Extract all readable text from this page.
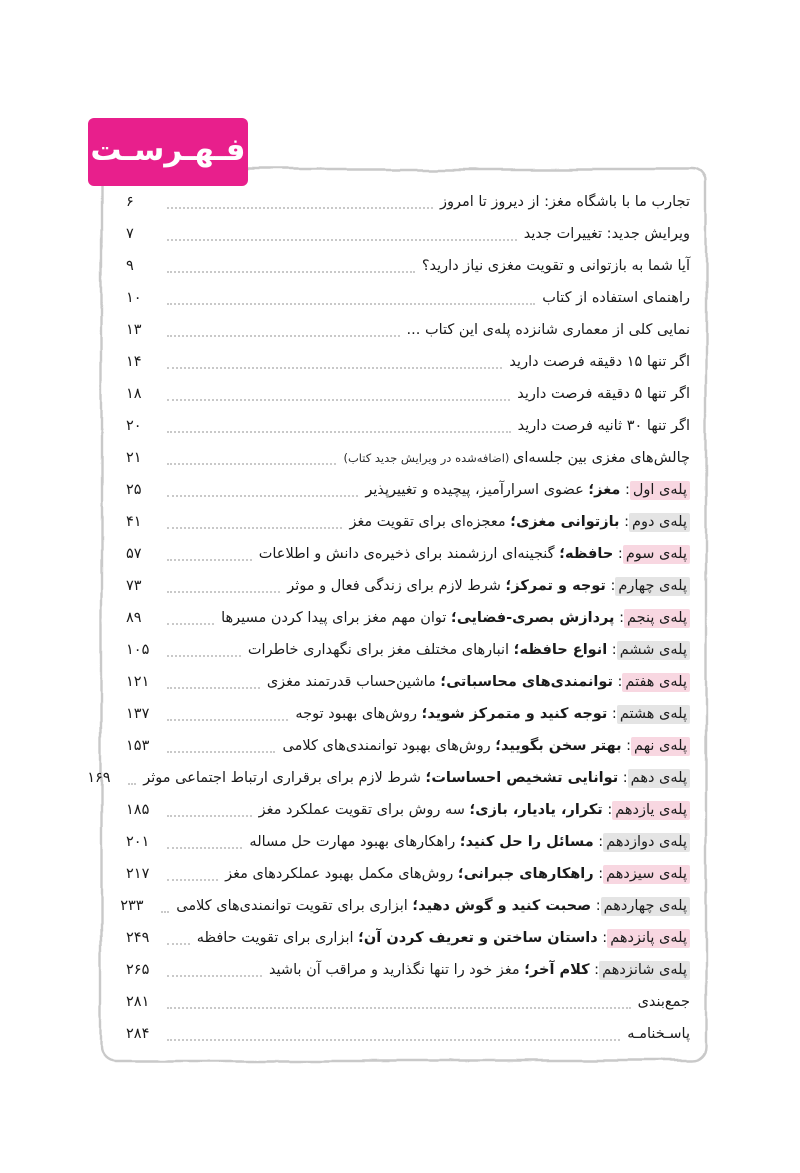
فـهـرسـت
تجارب ما با باشگاه مغز: از دیروز تا امروز
۶
ویرایش جدید: تغییرات جدید
۷
آیا شما به بازتوانی و تقویت مغزی نیاز دارید؟
۹
راهنمای استفاده از کتاب
۱۰
نمایی کلی از معماری شانزده پله‌ی این کتاب ...
۱۳
اگر تنها ۱۵ دقیقه فرصت دارید
۱۴
اگر تنها ۵ دقیقه فرصت دارید
۱۸
اگر تنها ۳۰ ثانیه فرصت دارید
۲۰
چالش‌های مغزی بین جلسه‌ای (اضافه‌شده در ویرایش جدید کتاب)
۲۱
پله‌ی اول: مغز؛ عضوی اسرارآمیز، پیچیده و تغییرپذیر
۲۵
پله‌ی دوم: بازتوانی مغزی؛ معجزه‌ای برای تقویت مغز
۴۱
پله‌ی سوم: حافظه؛ گنجینه‌ای ارزشمند برای ذخیره‌ی دانش و اطلاعات
۵۷
پله‌ی چهارم: توجه و تمرکز؛ شرط لازم برای زندگی فعال و موثر
۷۳
پله‌ی پنجم: پردازش بصری-فضایی؛ توان مهم مغز برای پیدا کردن مسیرها
۸۹
پله‌ی ششم: انواع حافظه؛ انبارهای مختلف مغز برای نگهداری خاطرات
۱۰۵
پله‌ی هفتم: توانمندی‌های محاسباتی؛ ماشین‌حساب قدرتمند مغزی
۱۲۱
پله‌ی هشتم: توجه کنید و متمرکز شوید؛ روش‌های بهبود توجه
۱۳۷
پله‌ی نهم: بهتر سخن بگویید؛ روش‌های بهبود توانمندی‌های کلامی
۱۵۳
پله‌ی دهم: توانایی تشخیص احساسات؛ شرط لازم برای برقراری ارتباط اجتماعی موثر
۱۶۹
پله‌ی یازدهم: تکرار، یادیار، بازی؛ سه روش برای تقویت عملکرد مغز
۱۸۵
پله‌ی دوازدهم: مسائل را حل کنید؛ راهکارهای بهبود مهارت حل مساله
۲۰۱
پله‌ی سیزدهم: راهکارهای جبرانی؛ روش‌های مکمل بهبود عملکردهای مغز
۲۱۷
پله‌ی چهاردهم: صحبت کنید و گوش دهید؛ ابزاری برای تقویت توانمندی‌های کلامی
۲۳۳
پله‌ی پانزدهم: داستان ساختن و تعریف کردن آن؛ ابزاری برای تقویت حافظه
۲۴۹
پله‌ی شانزدهم: کلام آخر؛ مغز خود را تنها نگذارید و مراقب آن باشید
۲۶۵
جمع‌بندی
۲۸۱
پاسـخنامـه
۲۸۴
